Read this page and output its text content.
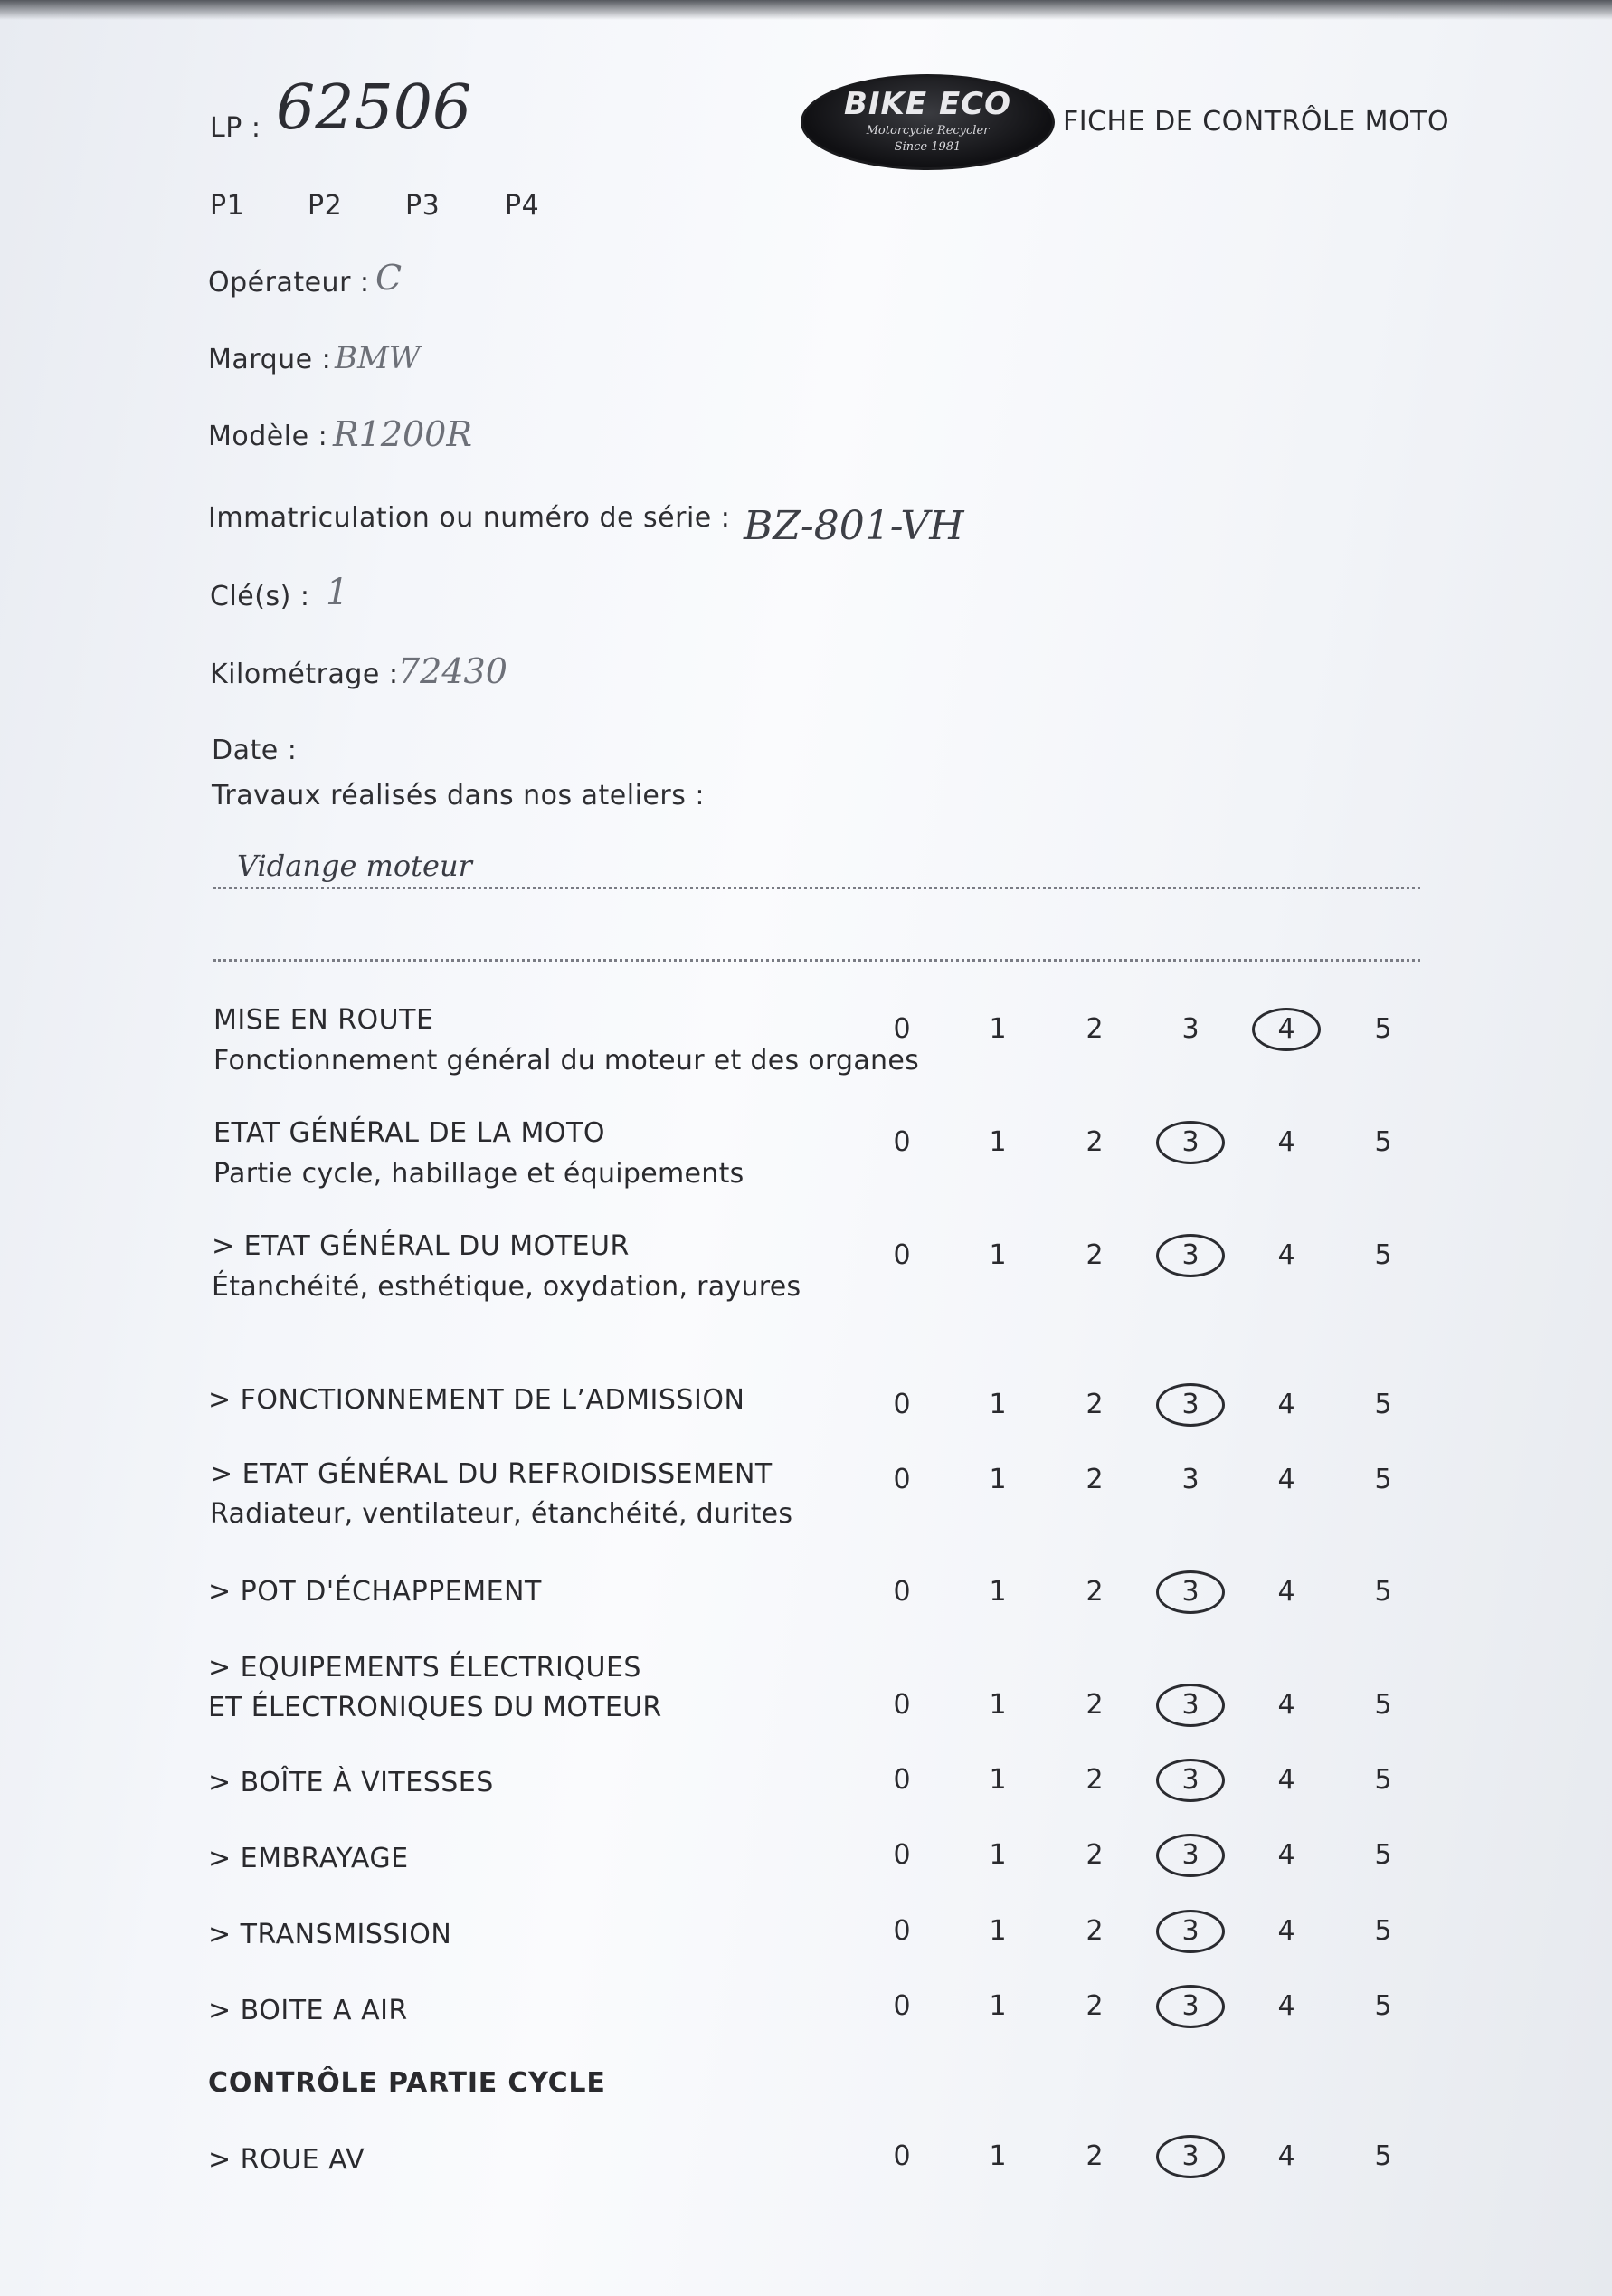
LP : 62506	BIKE ECO
Motorcycle Recycler
Since 1981
FICHE DE CONTRÔLE MOTO
P1 P2 P3 P4
Opérateur : C
Marque : BMW
Modèle : R1200R
Immatriculation ou numéro de série : BZ-801-VH
Clé(s) : 1
Kilométrage : 72430
Date :
Travaux réalisés dans nos ateliers :
Vidange moteur
MISE EN ROUTE
Fonctionnement général du moteur et des organes
0	1	2	3	4	5
ETAT GÉNÉRAL DE LA MOTO
Partie cycle, habillage et équipements
0	1	2	3	4	5
> ETAT GÉNÉRAL DU MOTEUR
Étanchéité, esthétique, oxydation, rayures
0	1	2	3	4	5
> FONCTIONNEMENT DE L’ADMISSION	0	1	2	3	4	5
> ETAT GÉNÉRAL DU REFROIDISSEMENT
Radiateur, ventilateur, étanchéité, durites
0	1	2	3	4	5
> POT D'ÉCHAPPEMENT	0	1	2	3	4	5
> EQUIPEMENTS ÉLECTRIQUES
ET ÉLECTRONIQUES DU MOTEUR	0	1	2	3	4	5
> BOÎTE À VITESSES	0	1	2	3	4	5
> EMBRAYAGE	0	1	2	3	4	5
> TRANSMISSION	0	1	2	3	4	5
> BOITE A AIR	0	1	2	3	4	5
> ROUE AV	0	1	2	3	4	5
CONTRÔLE PARTIE CYCLE
